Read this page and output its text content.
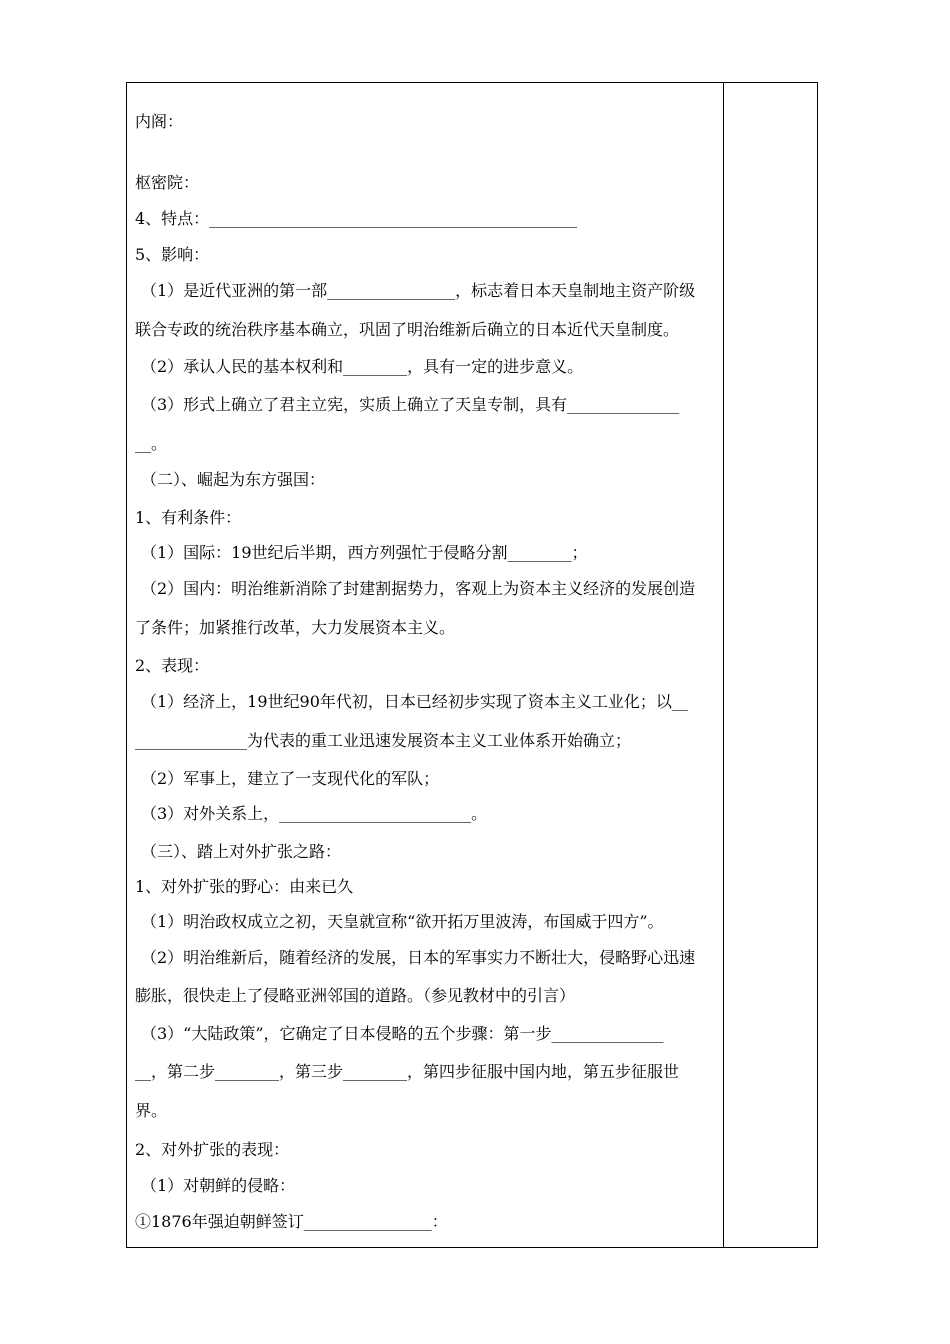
内阁：
枢密院：
4、特点：______________________________________________
5、影响：
（1）是近代亚洲的第一部________________，标志着日本天皇制地主资产阶级
联合专政的统治秩序基本确立，巩固了明治维新后确立的日本近代天皇制度。
（2）承认人民的基本权利和________，具有一定的进步意义。
（3）形式上确立了君主立宪，实质上确立了天皇专制，具有______________
__。
（二）、崛起为东方强国：
1、有利条件：
（1）国际：19世纪后半期，西方列强忙于侵略分割________；
（2）国内：明治维新消除了封建割据势力，客观上为资本主义经济的发展创造
了条件；加紧推行改革，大力发展资本主义。
2、表现：
（1）经济上，19世纪90年代初，日本已经初步实现了资本主义工业化；以__
______________为代表的重工业迅速发展资本主义工业体系开始确立；
（2）军事上，建立了一支现代化的军队；
（3）对外关系上，________________________。
（三）、踏上对外扩张之路：
1、对外扩张的野心：由来已久
（1）明治政权成立之初，天皇就宣称“欲开拓万里波涛，布国威于四方”。
（2）明治维新后，随着经济的发展，日本的军事实力不断壮大，侵略野心迅速
膨胀，很快走上了侵略亚洲邻国的道路。（参见教材中的引言）
（3）“大陆政策”，它确定了日本侵略的五个步骤：第一步______________
__，第二步________，第三步________，第四步征服中国内地，第五步征服世
界。
2、对外扩张的表现：
（1）对朝鲜的侵略：
①1876年强迫朝鲜签订________________：
